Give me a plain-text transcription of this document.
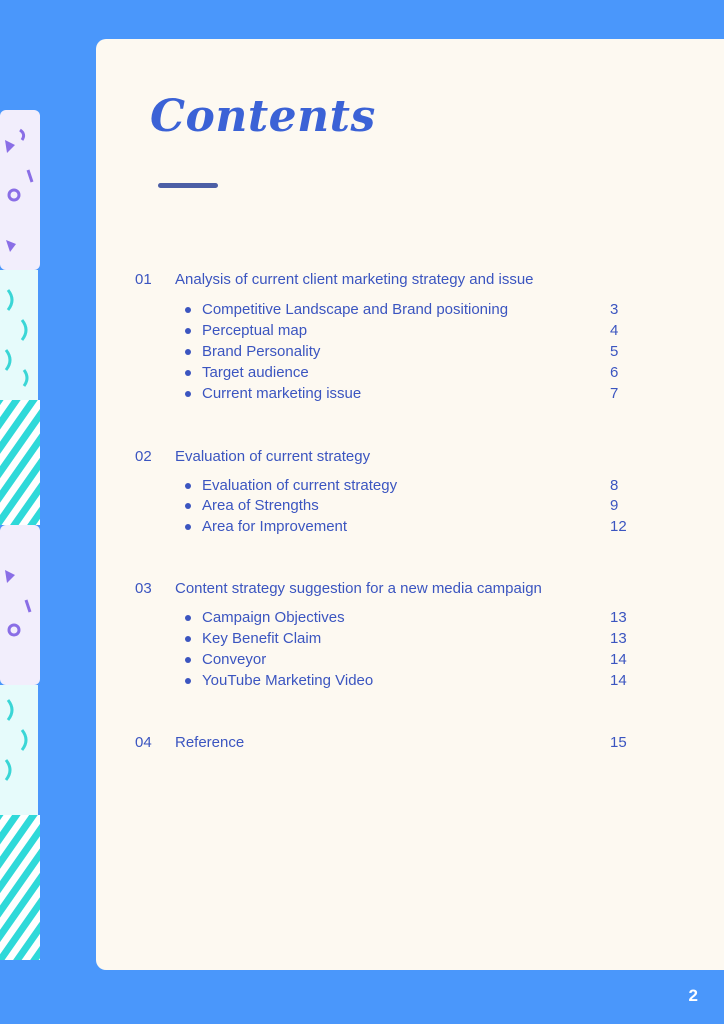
Contents
01 Analysis of current client marketing strategy and issue
Competitive Landscape and Brand positioning	3
Perceptual map	4
Brand Personality	5
Target audience	6
Current marketing issue	7
02 Evaluation of current strategy
Evaluation of current strategy	8
Area of Strengths	9
Area for Improvement	12
03 Content strategy suggestion for a new media campaign
Campaign Objectives	13
Key Benefit Claim	13
Conveyor	14
YouTube Marketing Video	14
04 Reference	15
2
